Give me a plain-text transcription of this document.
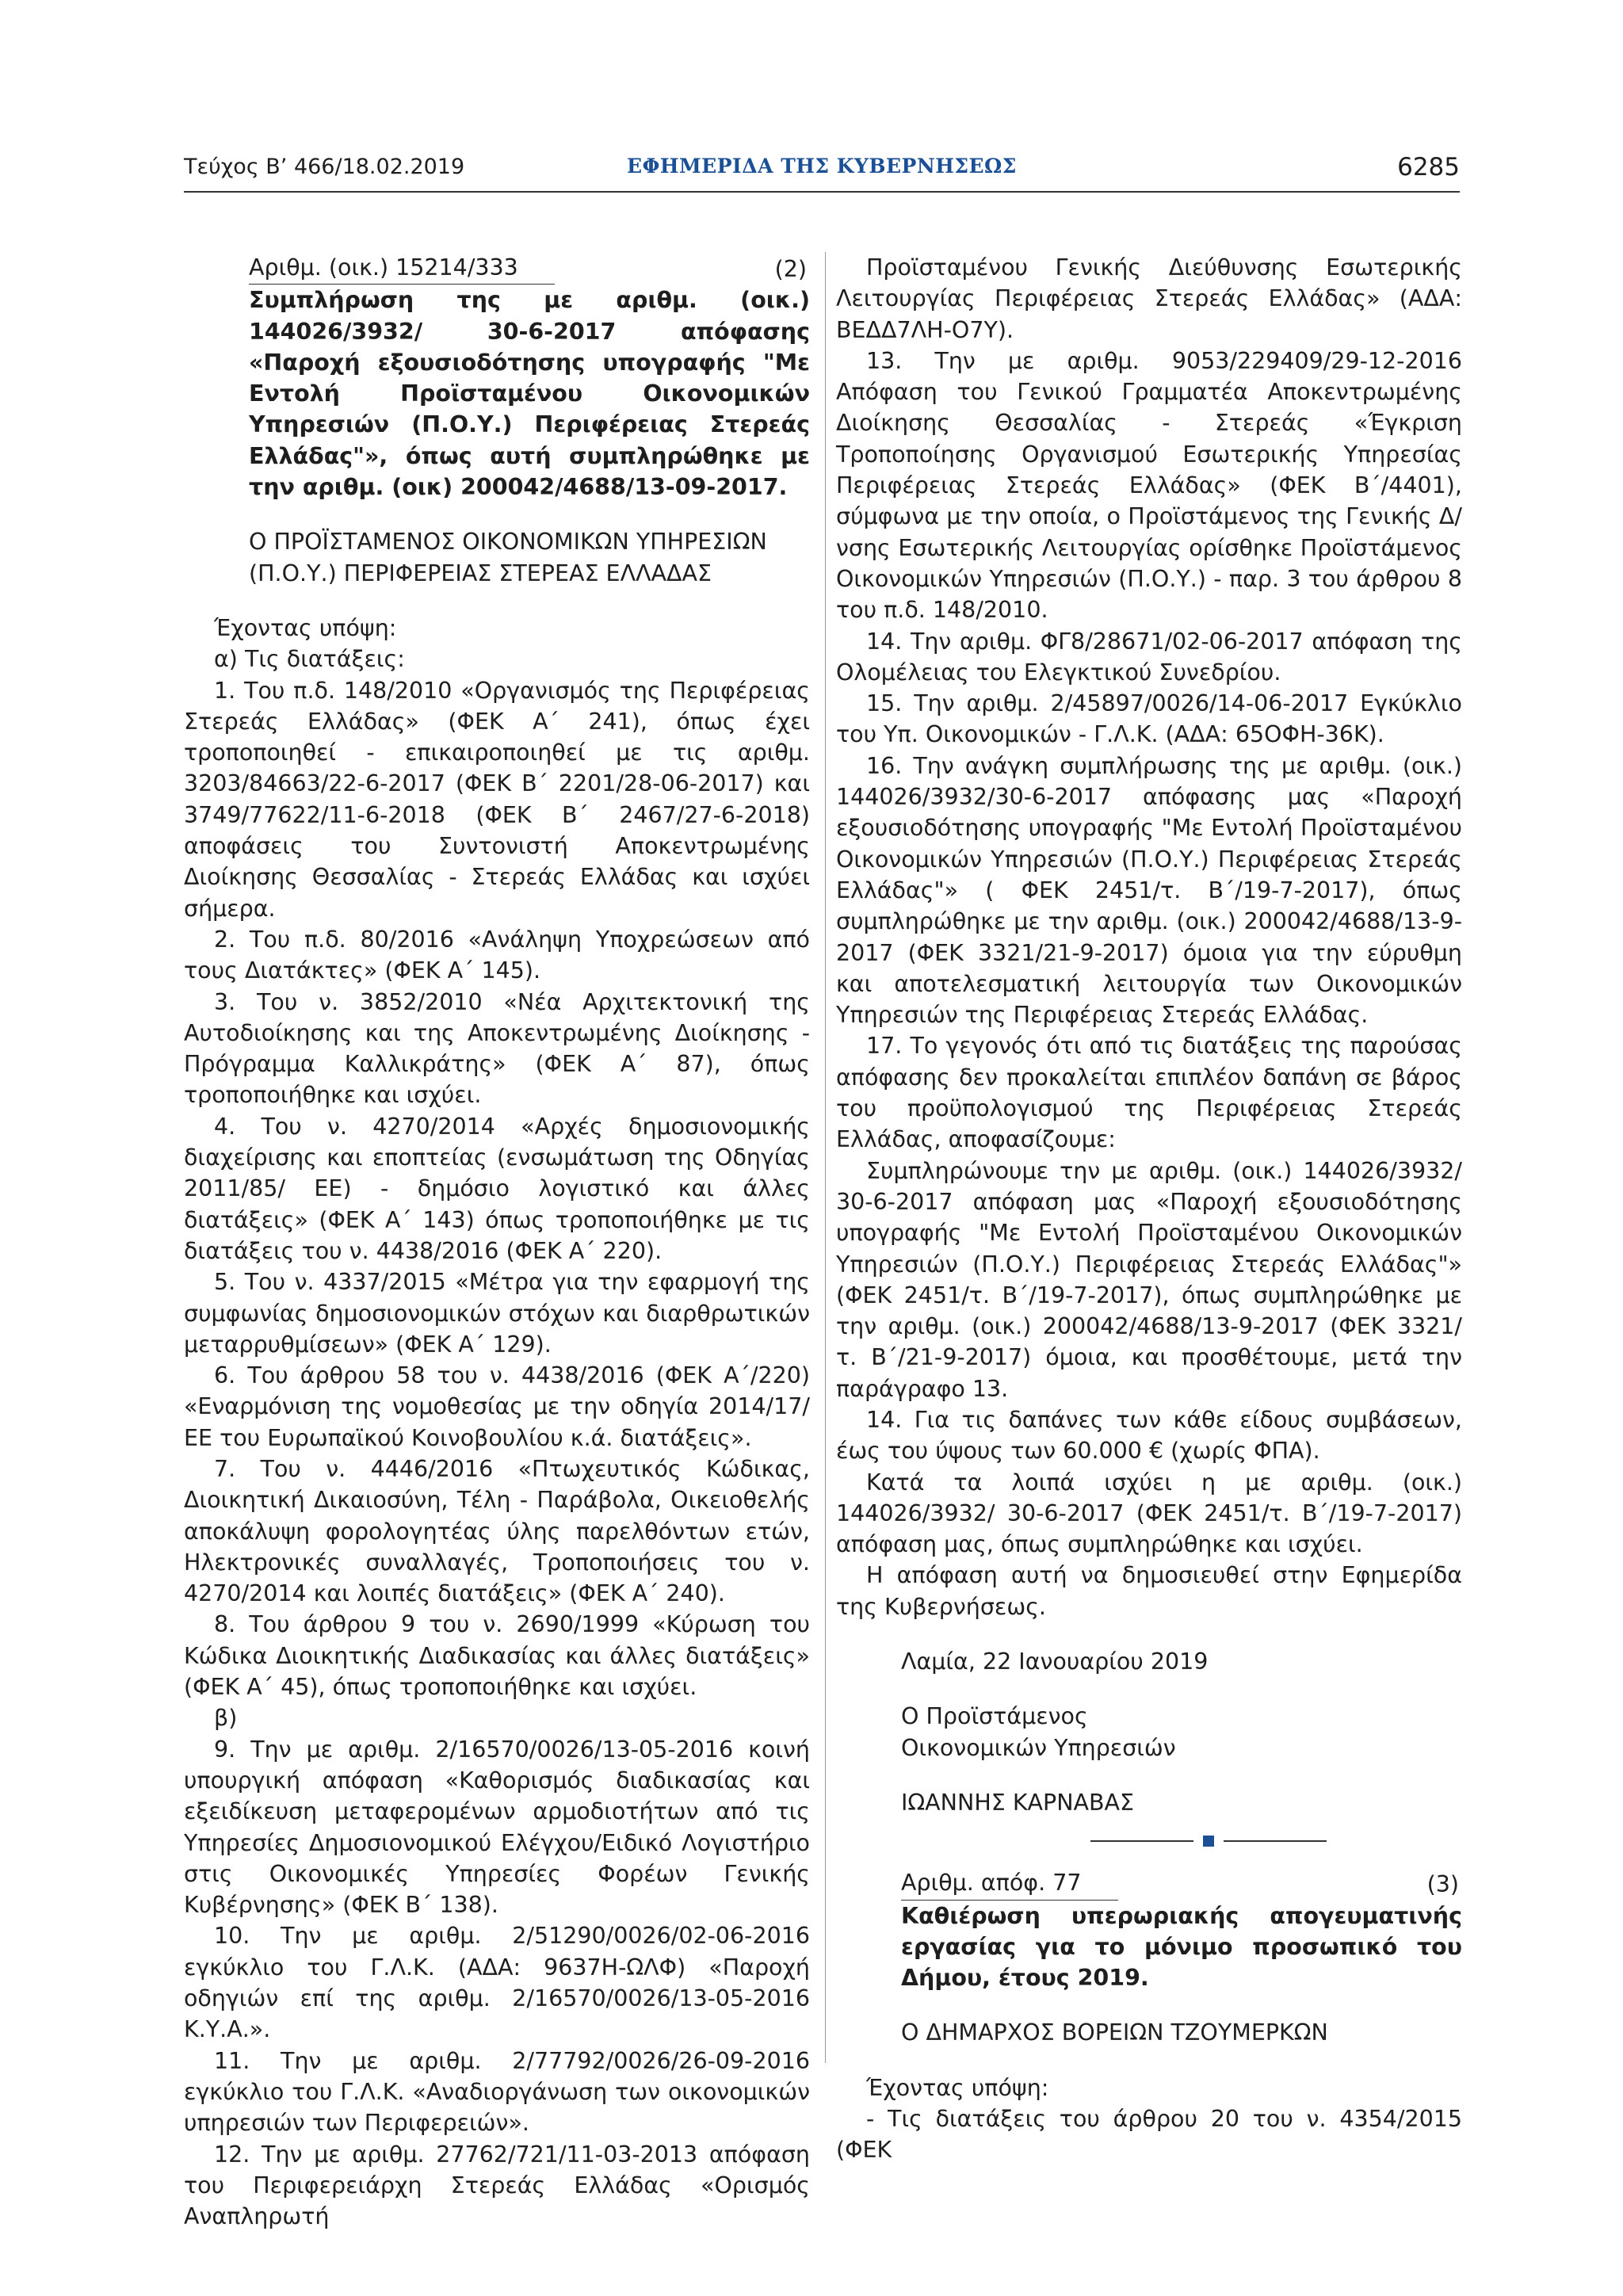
Τεύχος Β’ 466/18.02.2019	ΕΦΗΜΕΡΙΔΑ ΤΗΣ ΚΥΒΕΡΝΗΣΕΩΣ	6285
Αριθμ. (οικ.) 15214/333	(2)

Συμπλήρωση της με αριθμ. (οικ.) 144026/3932/ 30-6-2017 απόφασης «Παροχή εξουσιοδότησης υπογραφής "Με Εντολή Προϊσταμένου Οικονομικών Υπηρεσιών (Π.Ο.Υ.) Περιφέρειας Στερεάς Ελλάδας"», όπως αυτή συμπληρώθηκε με την αριθμ. (οικ) 200042/4688/13-09-2017.

Ο ΠΡΟΪΣΤΑΜΕΝΟΣ ΟΙΚΟΝΟΜΙΚΩΝ ΥΠΗΡΕΣΙΩΝ (Π.Ο.Υ.) ΠΕΡΙΦΕΡΕΙΑΣ ΣΤΕΡΕΑΣ ΕΛΛΑΔΑΣ

Έχοντας υπόψη:

α) Τις διατάξεις:

1. Του π.δ. 148/2010 «Οργανισμός της Περιφέρειας Στερεάς Ελλάδας» (ΦΕΚ Α΄ 241), όπως έχει τροποποιηθεί - επικαιροποιηθεί με τις αριθμ. 3203/84663/22-6-2017 (ΦΕΚ Β΄ 2201/28-06-2017) και 3749/77622/11-6-2018 (ΦΕΚ Β΄ 2467/27-6-2018) αποφάσεις του Συντονιστή Αποκεντρωμένης Διοίκησης Θεσσαλίας - Στερεάς Ελλάδας και ισχύει σήμερα.

2. Του π.δ. 80/2016 «Ανάληψη Υποχρεώσεων από τους Διατάκτες» (ΦΕΚ Α΄ 145).

3. Του ν. 3852/2010 «Νέα Αρχιτεκτονική της Αυτοδιοίκησης και της Αποκεντρωμένης Διοίκησης - Πρόγραμμα Καλλικράτης» (ΦΕΚ Α΄ 87), όπως τροποποιήθηκε και ισχύει.

4. Του ν. 4270/2014 «Αρχές δημοσιονομικής διαχείρισης και εποπτείας (ενσωμάτωση της Οδηγίας 2011/85/ ΕΕ) - δημόσιο λογιστικό και άλλες διατάξεις» (ΦΕΚ Α΄ 143) όπως τροποποιήθηκε με τις διατάξεις του ν. 4438/2016 (ΦΕΚ Α΄ 220).

5. Του ν. 4337/2015 «Μέτρα για την εφαρμογή της συμφωνίας δημοσιονομικών στόχων και διαρθρωτικών μεταρρυθμίσεων» (ΦΕΚ Α΄ 129).

6. Του άρθρου 58 του ν. 4438/2016 (ΦΕΚ Α΄/220) «Εναρμόνιση της νομοθεσίας με την οδηγία 2014/17/ ΕΕ του Ευρωπαϊκού Κοινοβουλίου κ.ά. διατάξεις».

7. Του ν. 4446/2016 «Πτωχευτικός Κώδικας, Διοικητική Δικαιοσύνη, Τέλη - Παράβολα, Οικειοθελής αποκάλυψη φορολογητέας ύλης παρελθόντων ετών, Ηλεκτρονικές συναλλαγές, Τροποποιήσεις του ν. 4270/2014 και λοιπές διατάξεις» (ΦΕΚ Α΄ 240).

8. Του άρθρου 9 του ν. 2690/1999 «Κύρωση του Κώδικα Διοικητικής Διαδικασίας και άλλες διατάξεις» (ΦΕΚ Α΄ 45), όπως τροποποιήθηκε και ισχύει.

β)

9. Την με αριθμ. 2/16570/0026/13-05-2016 κοινή υπουργική απόφαση «Καθορισμός διαδικασίας και εξειδίκευση μεταφερομένων αρμοδιοτήτων από τις Υπηρεσίες Δημοσιονομικού Ελέγχου/Ειδικό Λογιστήριο στις Οικονομικές Υπηρεσίες Φορέων Γενικής Κυβέρνησης» (ΦΕΚ Β΄ 138).

10. Την με αριθμ. 2/51290/0026/02-06-2016 εγκύκλιο του Γ.Λ.Κ. (ΑΔΑ: 9637Η-ΩΛΦ) «Παροχή οδηγιών επί της αριθμ. 2/16570/0026/13-05-2016 Κ.Υ.Α.».

11. Την με αριθμ. 2/77792/0026/26-09-2016 εγκύκλιο του Γ.Λ.Κ. «Αναδιοργάνωση των οικονομικών υπηρεσιών των Περιφερειών».

12. Την με αριθμ. 27762/721/11-03-2013 απόφαση του Περιφερειάρχη Στερεάς Ελλάδας «Ορισμός Αναπληρωτή

Προϊσταμένου Γενικής Διεύθυνσης Εσωτερικής Λειτουργίας Περιφέρειας Στερεάς Ελλάδας» (ΑΔΑ: ΒΕΔΔ7ΛΗ-Ο7Υ).

13. Την με αριθμ. 9053/229409/29-12-2016 Απόφαση του Γενικού Γραμματέα Αποκεντρωμένης Διοίκησης Θεσσαλίας - Στερεάς «Έγκριση Τροποποίησης Οργανισμού Εσωτερικής Υπηρεσίας Περιφέρειας Στερεάς Ελλάδας» (ΦΕΚ Β΄/4401), σύμφωνα με την οποία, ο Προϊστάμενος της Γενικής Δ/νσης Εσωτερικής Λειτουργίας ορίσθηκε Προϊστάμενος Οικονομικών Υπηρεσιών (Π.Ο.Υ.) - παρ. 3 του άρθρου 8 του π.δ. 148/2010.

14. Την αριθμ. ΦΓ8/28671/02-06-2017 απόφαση της Ολομέλειας του Ελεγκτικού Συνεδρίου.

15. Την αριθμ. 2/45897/0026/14-06-2017 Εγκύκλιο του Υπ. Οικονομικών - Γ.Λ.Κ. (ΑΔΑ: 65ΟΦΗ-36Κ).

16. Την ανάγκη συμπλήρωσης της με αριθμ. (οικ.) 144026/3932/30-6-2017 απόφασης μας «Παροχή εξουσιοδότησης υπογραφής "Με Εντολή Προϊσταμένου Οικονομικών Υπηρεσιών (Π.Ο.Υ.) Περιφέρειας Στερεάς Ελλάδας"» ( ΦΕΚ 2451/τ. Β΄/19-7-2017), όπως συμπληρώθηκε με την αριθμ. (οικ.) 200042/4688/13-9-2017 (ΦΕΚ 3321/21-9-2017) όμοια για την εύρυθμη και αποτελεσματική λειτουργία των Οικονομικών Υπηρεσιών της Περιφέρειας Στερεάς Ελλάδας.

17. Το γεγονός ότι από τις διατάξεις της παρούσας απόφασης δεν προκαλείται επιπλέον δαπάνη σε βάρος του προϋπολογισμού της Περιφέρειας Στερεάς Ελλάδας, αποφασίζουμε:

Συμπληρώνουμε την με αριθμ. (οικ.) 144026/3932/ 30-6-2017 απόφαση μας «Παροχή εξουσιοδότησης υπογραφής "Με Εντολή Προϊσταμένου Οικονομικών Υπηρεσιών (Π.Ο.Υ.) Περιφέρειας Στερεάς Ελλάδας"» (ΦΕΚ 2451/τ. Β΄/19-7-2017), όπως συμπληρώθηκε με την αριθμ. (οικ.) 200042/4688/13-9-2017 (ΦΕΚ 3321/ τ. Β΄/21-9-2017) όμοια, και προσθέτουμε, μετά την παράγραφο 13.

14. Για τις δαπάνες των κάθε είδους συμβάσεων, έως του ύψους των 60.000 € (χωρίς ΦΠΑ).

Κατά τα λοιπά ισχύει η με αριθμ. (οικ.) 144026/3932/ 30-6-2017 (ΦΕΚ 2451/τ. Β΄/19-7-2017) απόφαση μας, όπως συμπληρώθηκε και ισχύει.

Η απόφαση αυτή να δημοσιευθεί στην Εφημερίδα της Κυβερνήσεως.

Λαμία, 22 Ιανουαρίου 2019

Ο Προϊστάμενος

Οικονομικών Υπηρεσιών

ΙΩΑΝΝΗΣ ΚΑΡΝΑΒΑΣ

Αριθμ. απόφ. 77	(3)

Καθιέρωση υπερωριακής απογευματινής εργασίας για το μόνιμο προσωπικό του Δήμου, έτους 2019.

Ο ΔΗΜΑΡΧΟΣ ΒΟΡΕΙΩΝ ΤΖΟΥΜΕΡΚΩΝ

Έχοντας υπόψη:

- Τις διατάξεις του άρθρου 20 του ν. 4354/2015 (ΦΕΚ
